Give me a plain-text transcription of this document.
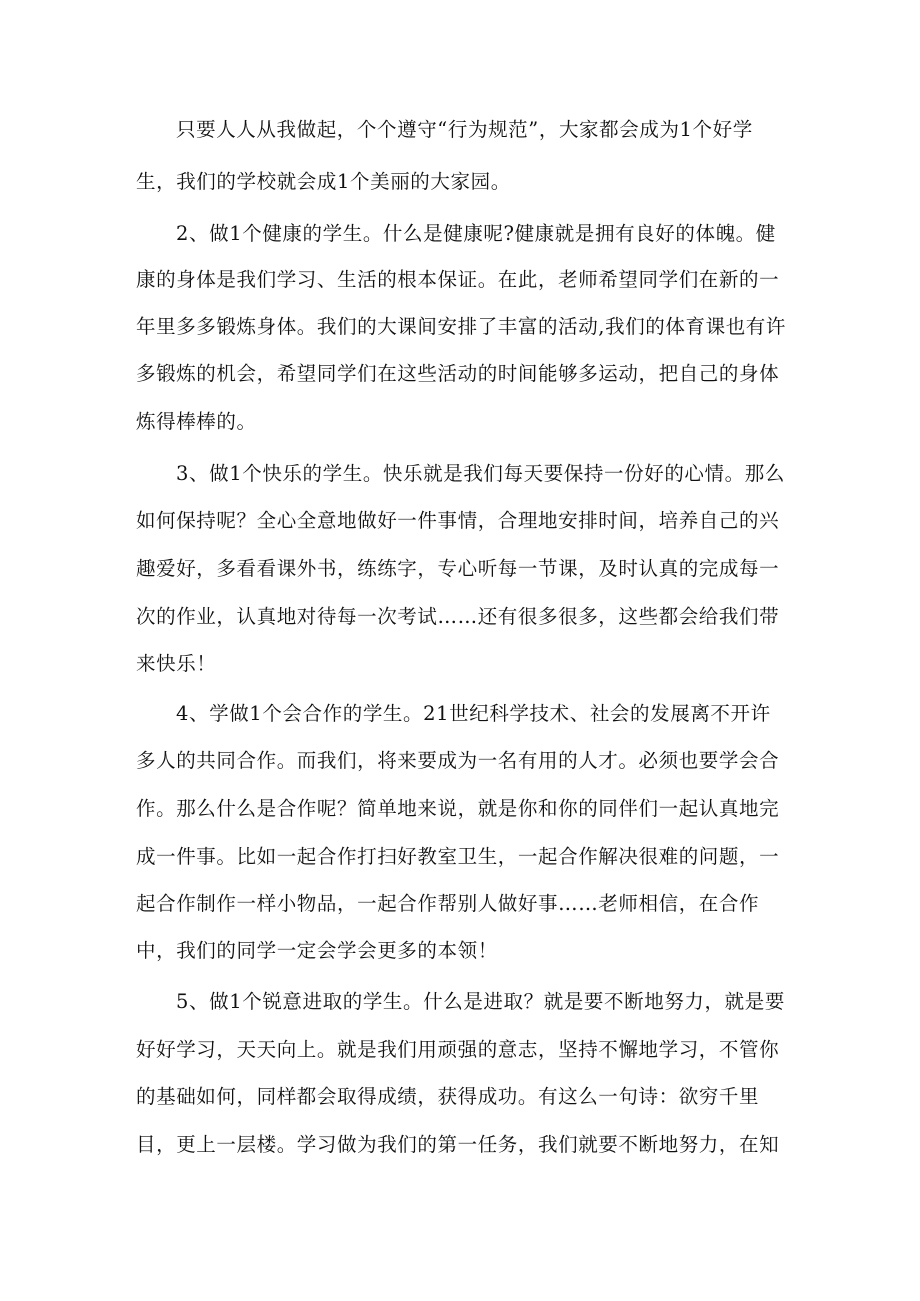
只要人人从我做起，个个遵守“行为规范”，大家都会成为1个好学
生，我们的学校就会成1个美丽的大家园。
2、做1个健康的学生。什么是健康呢?健康就是拥有良好的体魄。健
康的身体是我们学习、生活的根本保证。在此，老师希望同学们在新的一
年里多多锻炼身体。我们的大课间安排了丰富的活动,我们的体育课也有许
多锻炼的机会，希望同学们在这些活动的时间能够多运动，把自己的身体
炼得棒棒的。
3、做1个快乐的学生。快乐就是我们每天要保持一份好的心情。那么
如何保持呢？全心全意地做好一件事情，合理地安排时间，培养自己的兴
趣爱好，多看看课外书，练练字，专心听每一节课，及时认真的完成每一
次的作业，认真地对待每一次考试……还有很多很多，这些都会给我们带
来快乐！
4、学做1个会合作的学生。21世纪科学技术、社会的发展离不开许
多人的共同合作。而我们，将来要成为一名有用的人才。必须也要学会合
作。那么什么是合作呢？简单地来说，就是你和你的同伴们一起认真地完
成一件事。比如一起合作打扫好教室卫生，一起合作解决很难的问题，一
起合作制作一样小物品，一起合作帮别人做好事……老师相信，在合作
中，我们的同学一定会学会更多的本领！
5、做1个锐意进取的学生。什么是进取？就是要不断地努力，就是要
好好学习，天天向上。就是我们用顽强的意志，坚持不懈地学习，不管你
的基础如何，同样都会取得成绩，获得成功。有这么一句诗：欲穷千里
目，更上一层楼。学习做为我们的第一任务，我们就要不断地努力，在知
